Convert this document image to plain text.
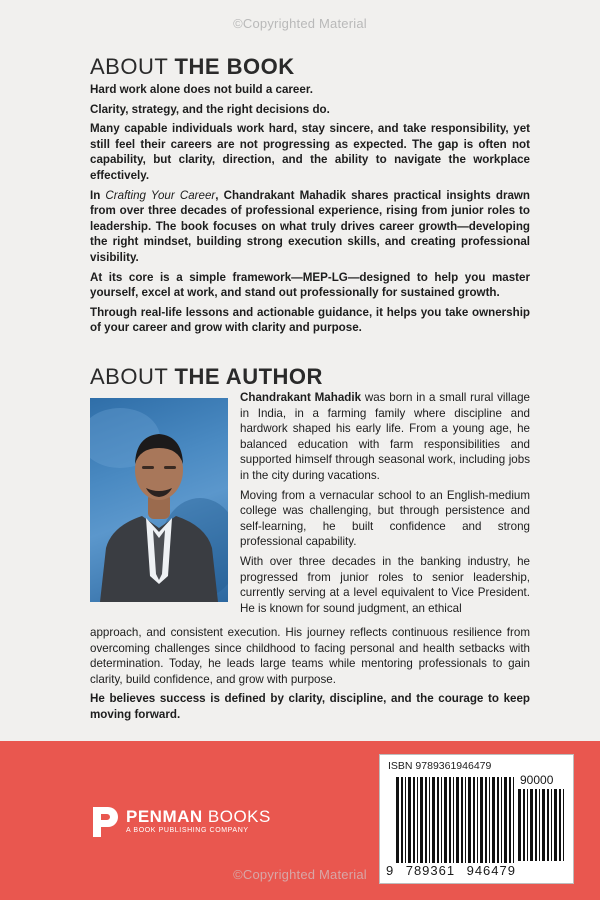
©Copyrighted Material
ABOUT THE BOOK

Hard work alone does not build a career.

Clarity, strategy, and the right decisions do.

Many capable individuals work hard, stay sincere, and take responsibility, yet still feel their careers are not progressing as expected. The gap is often not capability, but clarity, direction, and the ability to navigate the workplace effectively.

In Crafting Your Career, Chandrakant Mahadik shares practical insights drawn from over three decades of professional experience, rising from junior roles to leadership. The book focuses on what truly drives career growth—developing the right mindset, building strong execution skills, and creating professional visibility.

At its core is a simple framework—MEP-LG—designed to help you master yourself, excel at work, and stand out professionally for sustained growth.

Through real-life lessons and actionable guidance, it helps you take ownership of your career and grow with clarity and purpose.

ABOUT THE AUTHOR

Chandrakant Mahadik was born in a small rural village in India, in a farming family where discipline and hardwork shaped his early life. From a young age, he balanced education with farm responsibilities and supported himself through seasonal work, including jobs in the city during vacations.

Moving from a vernacular school to an English-medium college was challenging, but through persistence and self-learning, he built confidence and strong professional capability.

With over three decades in the banking industry, he progressed from junior roles to senior leadership, currently serving at a level equivalent to Vice President. He is known for sound judgment, an ethical

approach, and consistent execution. His journey reflects continuous resilience from overcoming challenges since childhood to facing personal and health setbacks with determination. Today, he leads large teams while mentoring professionals to gain clarity, build confidence, and grow with purpose.

He believes success is defined by clarity, discipline, and the courage to keep moving forward.

PENMAN BOOKS
A BOOK PUBLISHING COMPANY
ISBN 9789361946479
90000
9 789361 946479
©Copyrighted Material
